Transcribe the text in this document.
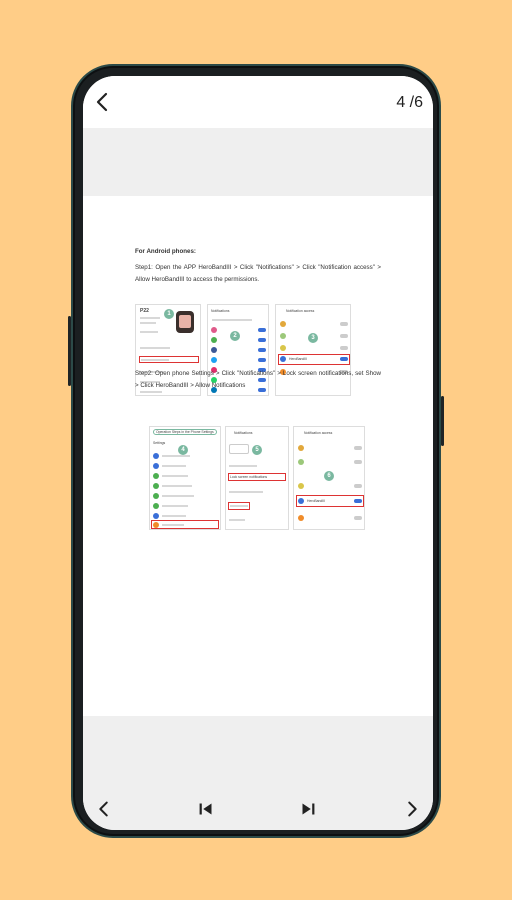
4 /6
For Android phones:
Step1: Open the APP HeroBandIII > Click "Notifications" > Click "Notification access" > Allow HeroBandIII to access the permissions.
P22	1	Notifications
2
Notification access
3
HeroBandIII
Step2: Open phone Settings > Click "Notifications" > Lock screen notifications, set Show > Click HeroBandIII > Allow Notifications
Operation Steps in the Phone Settings
Settings
4
Notifications
5
Lock screen notifications
Notification access
6
HeroBandIII
